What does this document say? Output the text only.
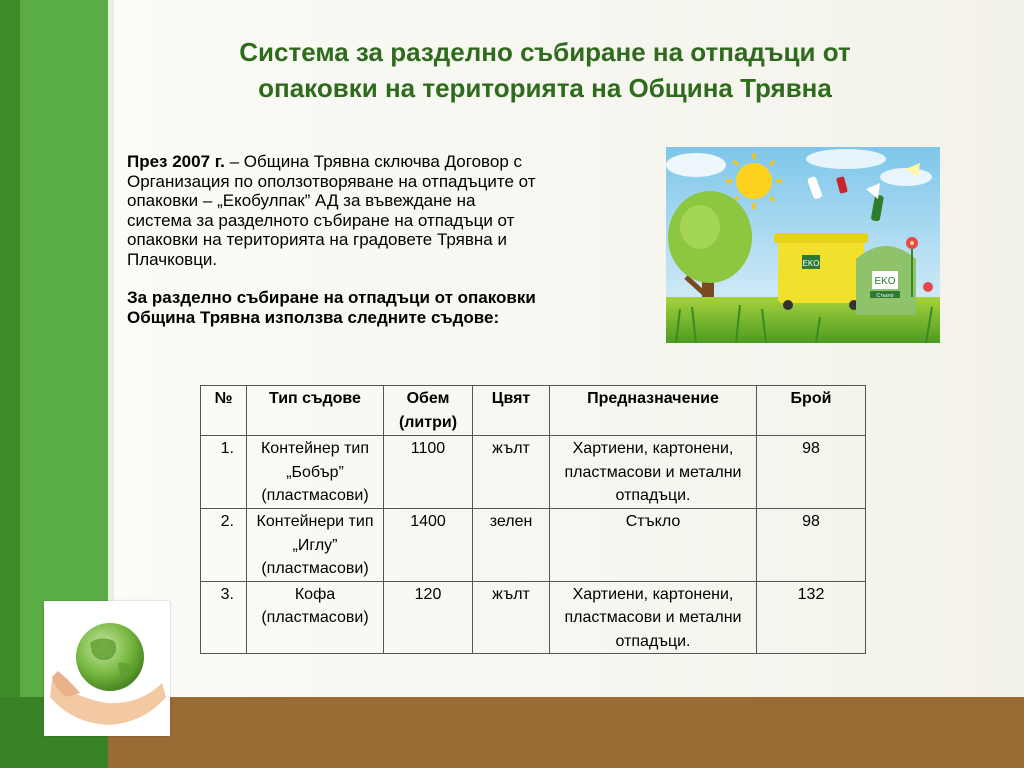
Система за разделно събиране на отпадъци от
опаковки на територията на Община Трявна
През 2007 г. – Община Трявна сключва Договор с
Организация по оползотворяване на отпадъците от
опаковки – „Екобулпак” АД за въвеждане на
система за разделното събиране на отпадъци от
опаковки на територията на градовете Трявна и
Плачковци.
За разделно събиране на отпадъци от опаковки
Община Трявна използва следните съдове:
EKO
EKO
Стъкло
№	Тип съдове	Обем (литри)	Цвят	Предназначение	Брой
1.	Контейнер тип „Бобър” (пластмасови)	1100	жълт	Хартиени, картонени, пластмасови и метални отпадъци.	98
2.	Контейнери тип „Иглу” (пластмасови)	1400	зелен	Стъкло	98
3.	Кофа (пластмасови)	120	жълт	Хартиени, картонени, пластмасови и метални отпадъци.	132
